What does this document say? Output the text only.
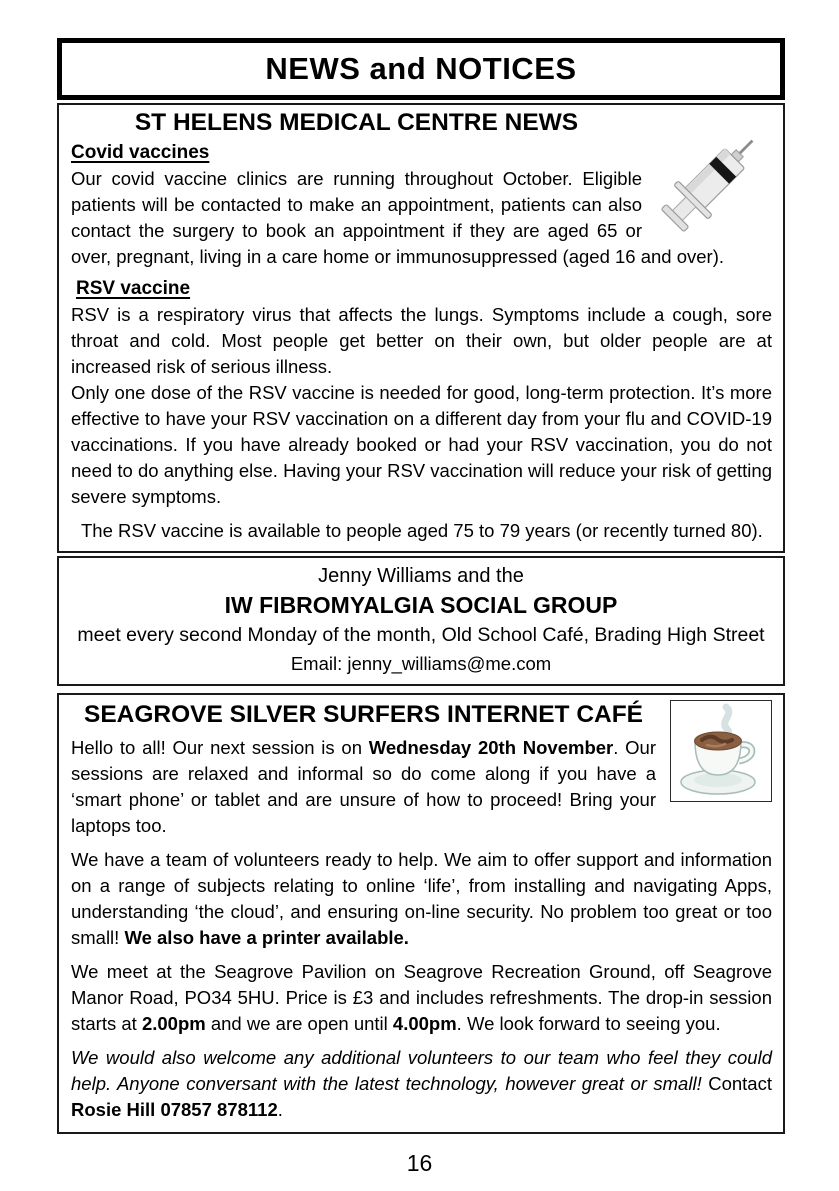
NEWS and NOTICES
ST HELENS MEDICAL CENTRE NEWS
Covid vaccines

Our covid vaccine clinics are running throughout October. Eligible patients will be contacted to make an appointment, patients can also contact the surgery to book an appointment if they are aged 65 or over, pregnant, living in a care home or immunosuppressed (aged 16 and over).

RSV vaccine

RSV is a respiratory virus that affects the lungs. Symptoms include a cough, sore throat and cold. Most people get better on their own, but older people are at increased risk of serious illness.

Only one dose of the RSV vaccine is needed for good, long-term protection. It’s more effective to have your RSV vaccination on a different day from your flu and COVID-19 vaccinations. If you have already booked or had your RSV vaccination, you do not need to do anything else. Having your RSV vaccination will reduce your risk of getting severe symptoms.

The RSV vaccine is available to people aged 75 to 79 years (or recently turned 80).

Jenny Williams and the
IW FIBROMYALGIA SOCIAL GROUP
meet every second Monday of the month, Old School Café, Brading High Street
Email: jenny_williams@me.com
SEAGROVE SILVER SURFERS INTERNET CAFÉ

Hello to all! Our next session is on Wednesday 20th November. Our sessions are relaxed and informal so do come along if you have a ‘smart phone’ or tablet and are unsure of how to proceed! Bring your laptops too.

We have a team of volunteers ready to help. We aim to offer support and information on a range of subjects relating to online ‘life’, from installing and navigating Apps, understanding ‘the cloud’, and ensuring on-line security. No problem too great or too small! We also have a printer available.

We meet at the Seagrove Pavilion on Seagrove Recreation Ground, off Seagrove Manor Road, PO34 5HU. Price is £3 and includes refreshments. The drop-in session starts at 2.00pm and we are open until 4.00pm. We look forward to seeing you.

We would also welcome any additional volunteers to our team who feel they could help. Anyone conversant with the latest technology, however great or small! Contact Rosie Hill 07857 878112.

16
